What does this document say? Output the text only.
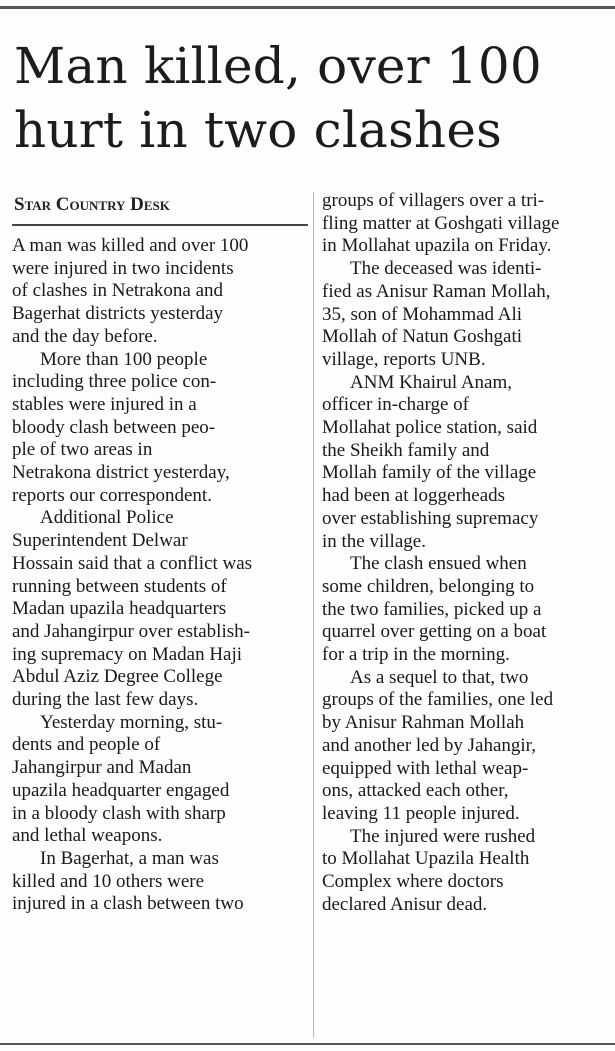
Man killed, over 100
hurt in two clashes
Star Country Desk

A man was killed and over 100
were injured in two incidents
of clashes in Netrakona and
Bagerhat districts yesterday
and the day before.

More than 100 people
including three police con-
stables were injured in a
bloody clash between peo-
ple of two areas in
Netrakona district yesterday,
reports our correspondent.

Additional Police
Superintendent Delwar
Hossain said that a conflict was
running between students of
Madan upazila headquarters
and Jahangirpur over establish-
ing supremacy on Madan Haji
Abdul Aziz Degree College
during the last few days.

Yesterday morning, stu-
dents and people of
Jahangirpur and Madan
upazila headquarter engaged
in a bloody clash with sharp
and lethal weapons.

In Bagerhat, a man was
killed and 10 others were
injured in a clash between two

groups of villagers over a tri-
fling matter at Goshgati village
in Mollahat upazila on Friday.

The deceased was identi-
fied as Anisur Raman Mollah,
35, son of Mohammad Ali
Mollah of Natun Goshgati
village, reports UNB.

ANM Khairul Anam,
officer in-charge of
Mollahat police station, said
the Sheikh family and
Mollah family of the village
had been at loggerheads
over establishing supremacy
in the village.

The clash ensued when
some children, belonging to
the two families, picked up a
quarrel over getting on a boat
for a trip in the morning.

As a sequel to that, two
groups of the families, one led
by Anisur Rahman Mollah
and another led by Jahangir,
equipped with lethal weap-
ons, attacked each other,
leaving 11 people injured.

The injured were rushed
to Mollahat Upazila Health
Complex where doctors
declared Anisur dead.
